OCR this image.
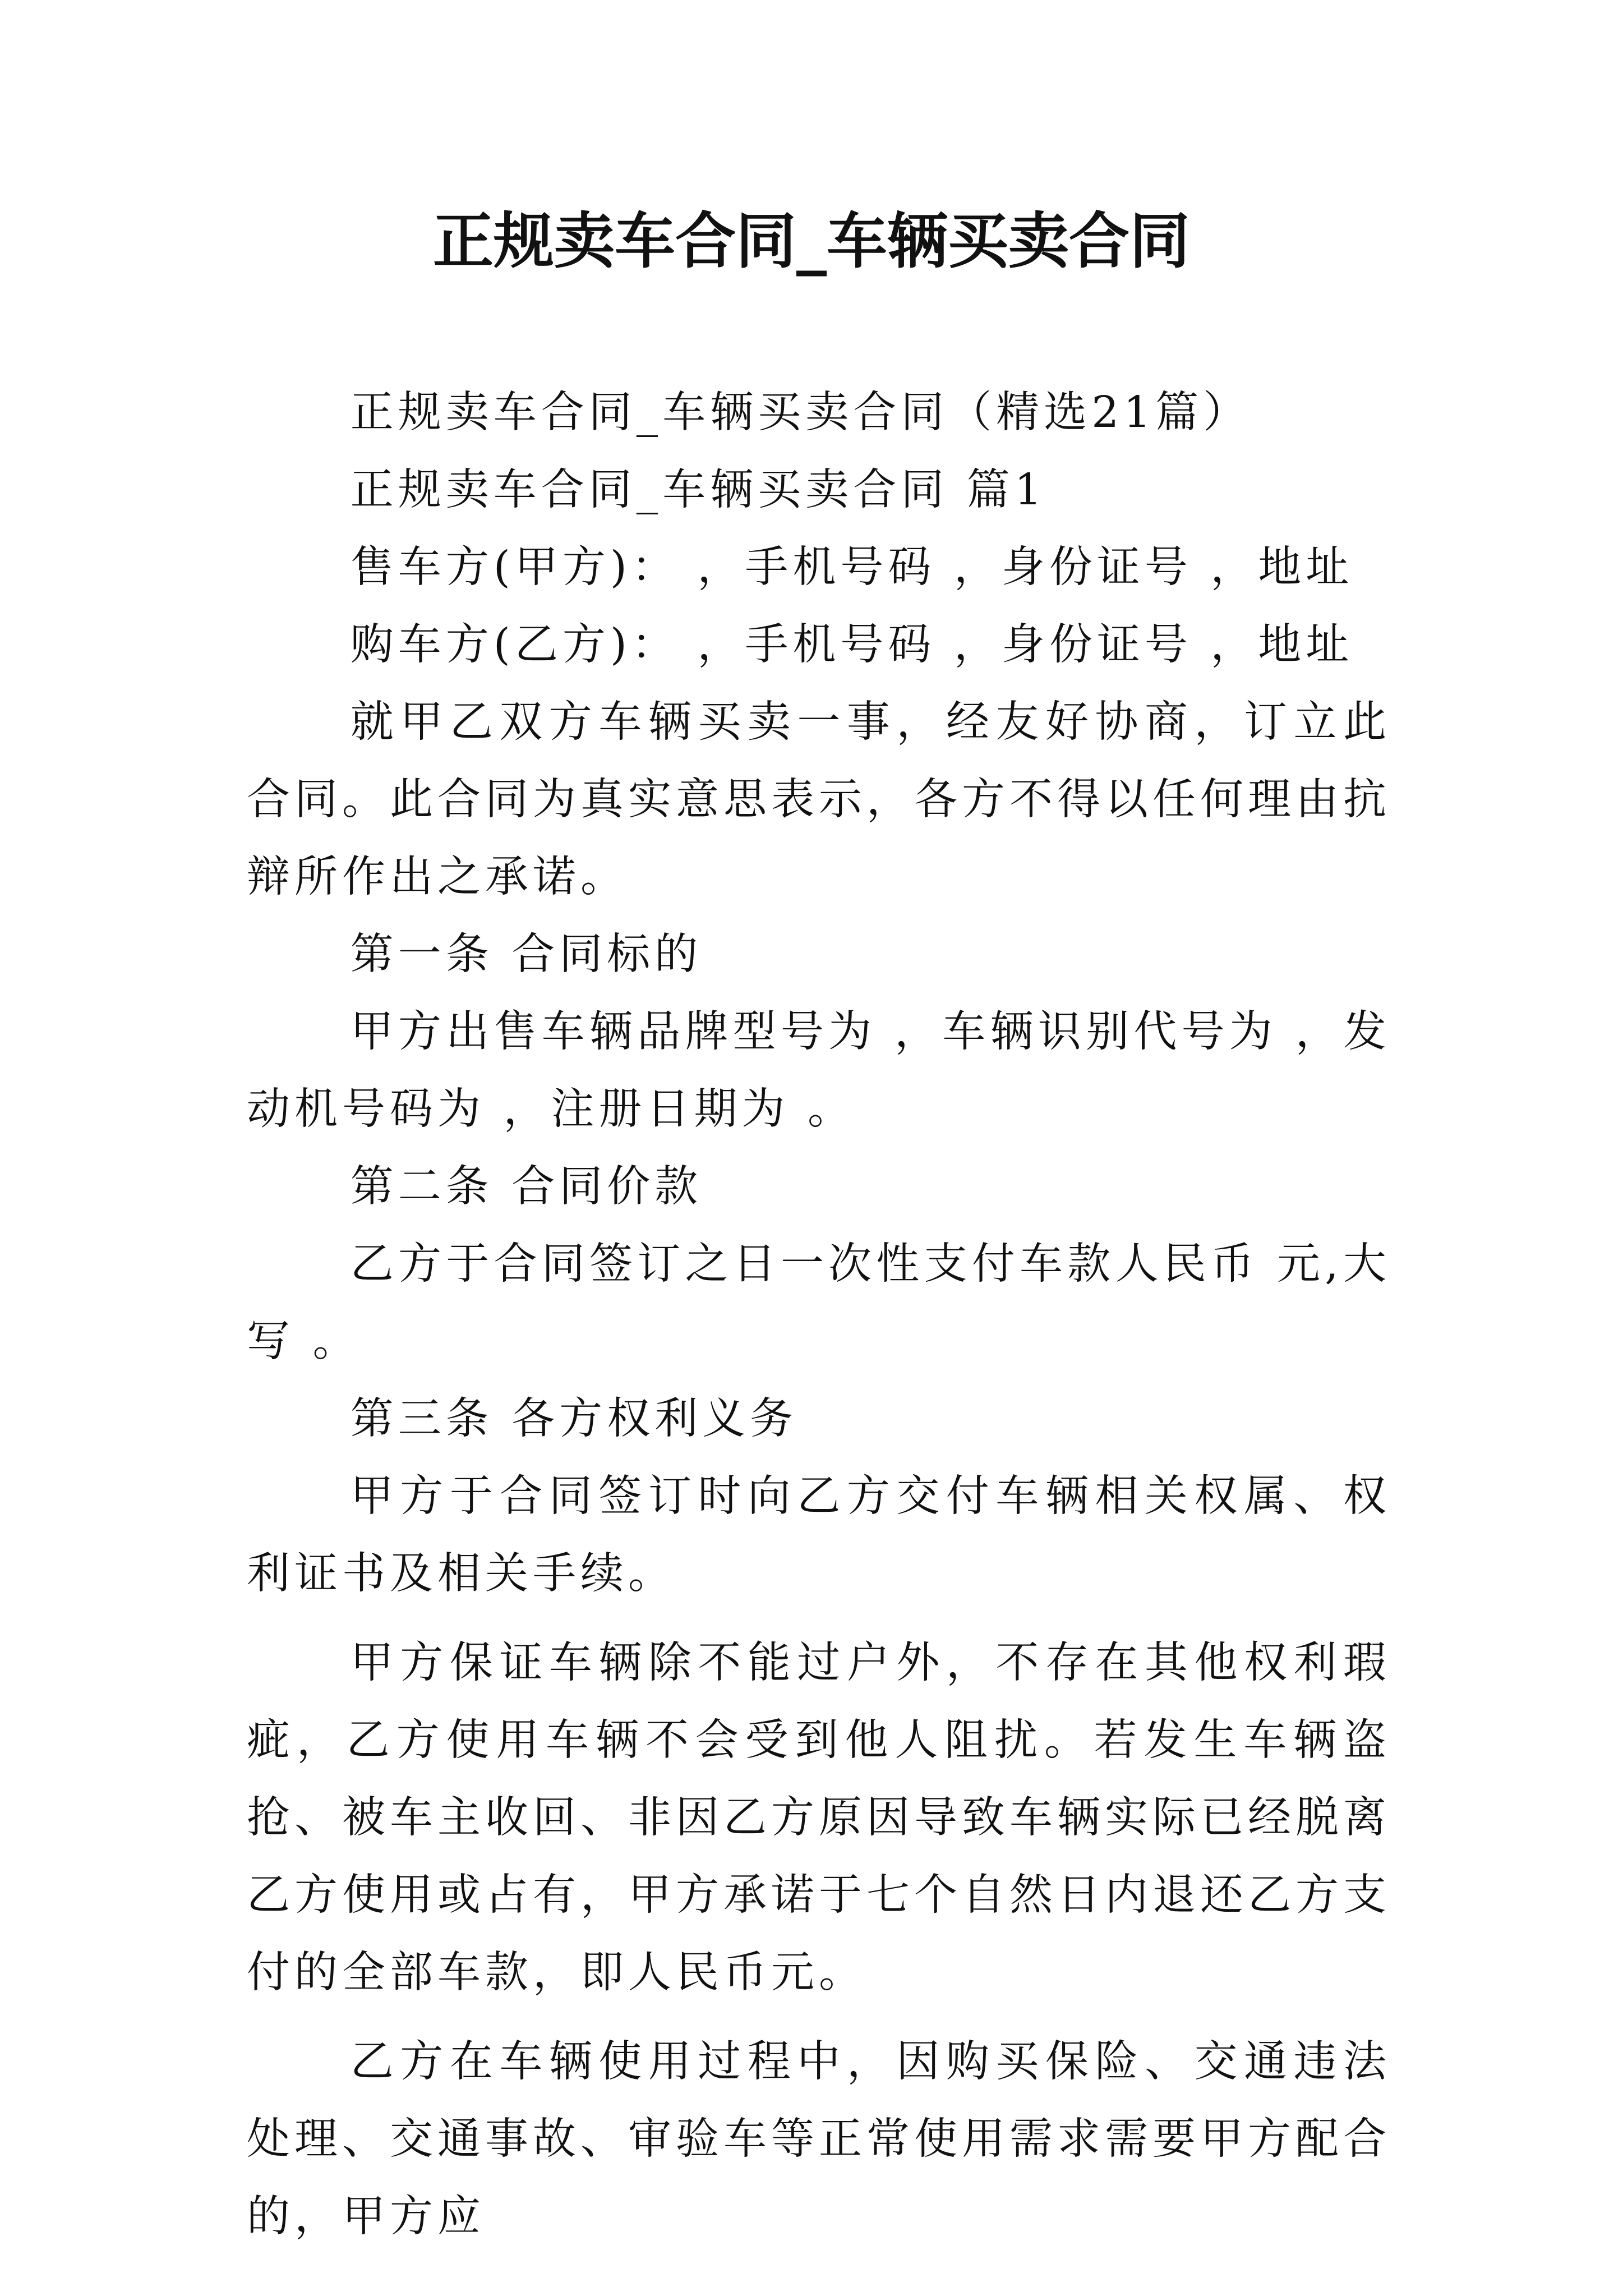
正规卖车合同_车辆买卖合同

正规卖车合同_车辆买卖合同（精选21篇）

正规卖车合同_车辆买卖合同 篇1

售车方(甲方)： ，手机号码 ，身份证号 ，地址

购车方(乙方)： ，手机号码 ，身份证号 ，地址

就甲乙双方车辆买卖一事，经友好协商，订立此合同。此合同为真实意思表示，各方不得以任何理由抗辩所作出之承诺。

第一条 合同标的

甲方出售车辆品牌型号为 ，车辆识别代号为 ，发动机号码为 ，注册日期为 。

第二条 合同价款

乙方于合同签订之日一次性支付车款人民币 元,大写 。

第三条 各方权利义务

甲方于合同签订时向乙方交付车辆相关权属、权利证书及相关手续。

甲方保证车辆除不能过户外，不存在其他权利瑕疵，乙方使用车辆不会受到他人阻扰。若发生车辆盗抢、被车主收回、非因乙方原因导致车辆实际已经脱离乙方使用或占有，甲方承诺于七个自然日内退还乙方支付的全部车款，即人民币元。

乙方在车辆使用过程中，因购买保险、交通违法处理、交通事故、审验车等正常使用需求需要甲方配合的，甲方应
